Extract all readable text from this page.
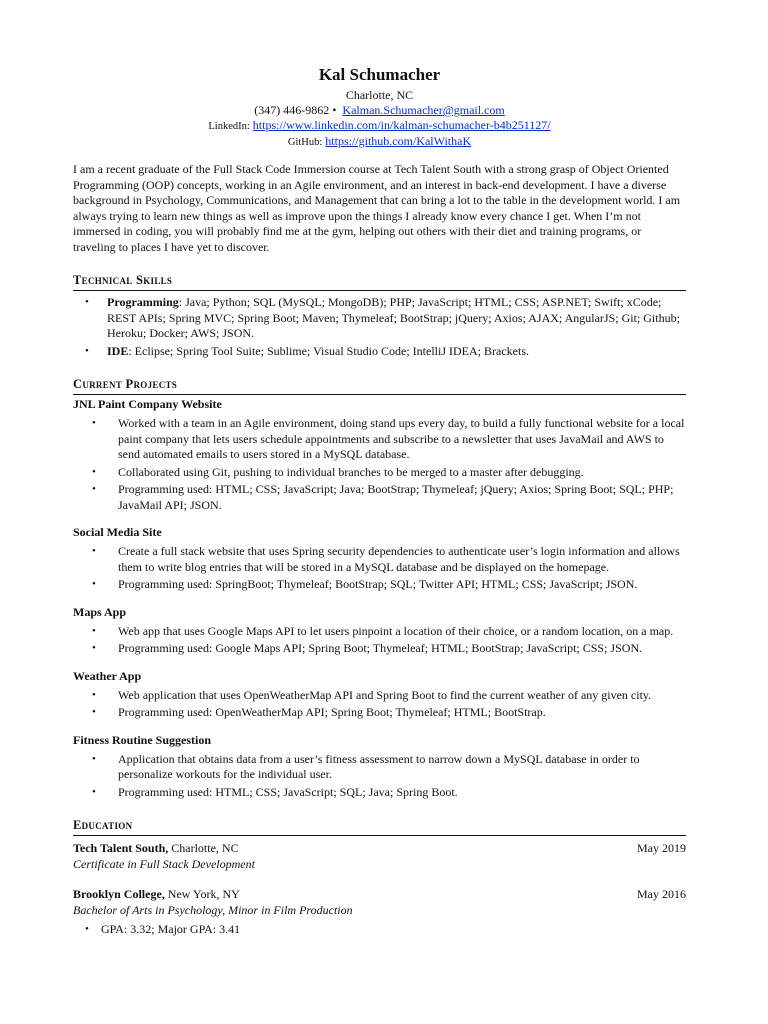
Kal Schumacher
Charlotte, NC
(347) 446-9862 • Kalman.Schumacher@gmail.com
LinkedIn: https://www.linkedin.com/in/kalman-schumacher-b4b251127/
GitHub: https://github.com/KalWithaK
I am a recent graduate of the Full Stack Code Immersion course at Tech Talent South with a strong grasp of Object Oriented Programming (OOP) concepts, working in an Agile environment, and an interest in back-end development. I have a diverse background in Psychology, Communications, and Management that can bring a lot to the table in the development world. I am always trying to learn new things as well as improve upon the things I already know every chance I get. When I’m not immersed in coding, you will probably find me at the gym, helping out others with their diet and training programs, or traveling to places I have yet to discover.
Technical Skills
• Programming: Java; Python; SQL (MySQL; MongoDB); PHP; JavaScript; HTML; CSS; ASP.NET; Swift; xCode; REST APIs; Spring MVC; Spring Boot; Maven; Thymeleaf; BootStrap; jQuery; Axios; AJAX; AngularJS; Git; Github; Heroku; Docker; AWS; JSON.
• IDE: Eclipse; Spring Tool Suite; Sublime; Visual Studio Code; IntelliJ IDEA; Brackets.
Current Projects
JNL Paint Company Website
• Worked with a team in an Agile environment, doing stand ups every day, to build a fully functional website for a local paint company that lets users schedule appointments and subscribe to a newsletter that uses JavaMail and AWS to send automated emails to users stored in a MySQL database.
• Collaborated using Git, pushing to individual branches to be merged to a master after debugging.
• Programming used: HTML; CSS; JavaScript; Java; BootStrap; Thymeleaf; jQuery; Axios; Spring Boot; SQL; PHP; JavaMail API; JSON.
Social Media Site
• Create a full stack website that uses Spring security dependencies to authenticate user’s login information and allows them to write blog entries that will be stored in a MySQL database and be displayed on the homepage.
• Programming used: SpringBoot; Thymeleaf; BootStrap; SQL; Twitter API; HTML; CSS; JavaScript; JSON.
Maps App
• Web app that uses Google Maps API to let users pinpoint a location of their choice, or a random location, on a map.
• Programming used: Google Maps API; Spring Boot; Thymeleaf; HTML; BootStrap; JavaScript; CSS; JSON.
Weather App
• Web application that uses OpenWeatherMap API and Spring Boot to find the current weather of any given city.
• Programming used: OpenWeatherMap API; Spring Boot; Thymeleaf; HTML; BootStrap.
Fitness Routine Suggestion
• Application that obtains data from a user’s fitness assessment to narrow down a MySQL database in order to personalize workouts for the individual user.
• Programming used: HTML; CSS; JavaScript; SQL; Java; Spring Boot.
Education
Tech Talent South, Charlotte, NC	May 2019
Certificate in Full Stack Development
Brooklyn College, New York, NY	May 2016
Bachelor of Arts in Psychology, Minor in Film Production
• GPA: 3.32; Major GPA: 3.41
